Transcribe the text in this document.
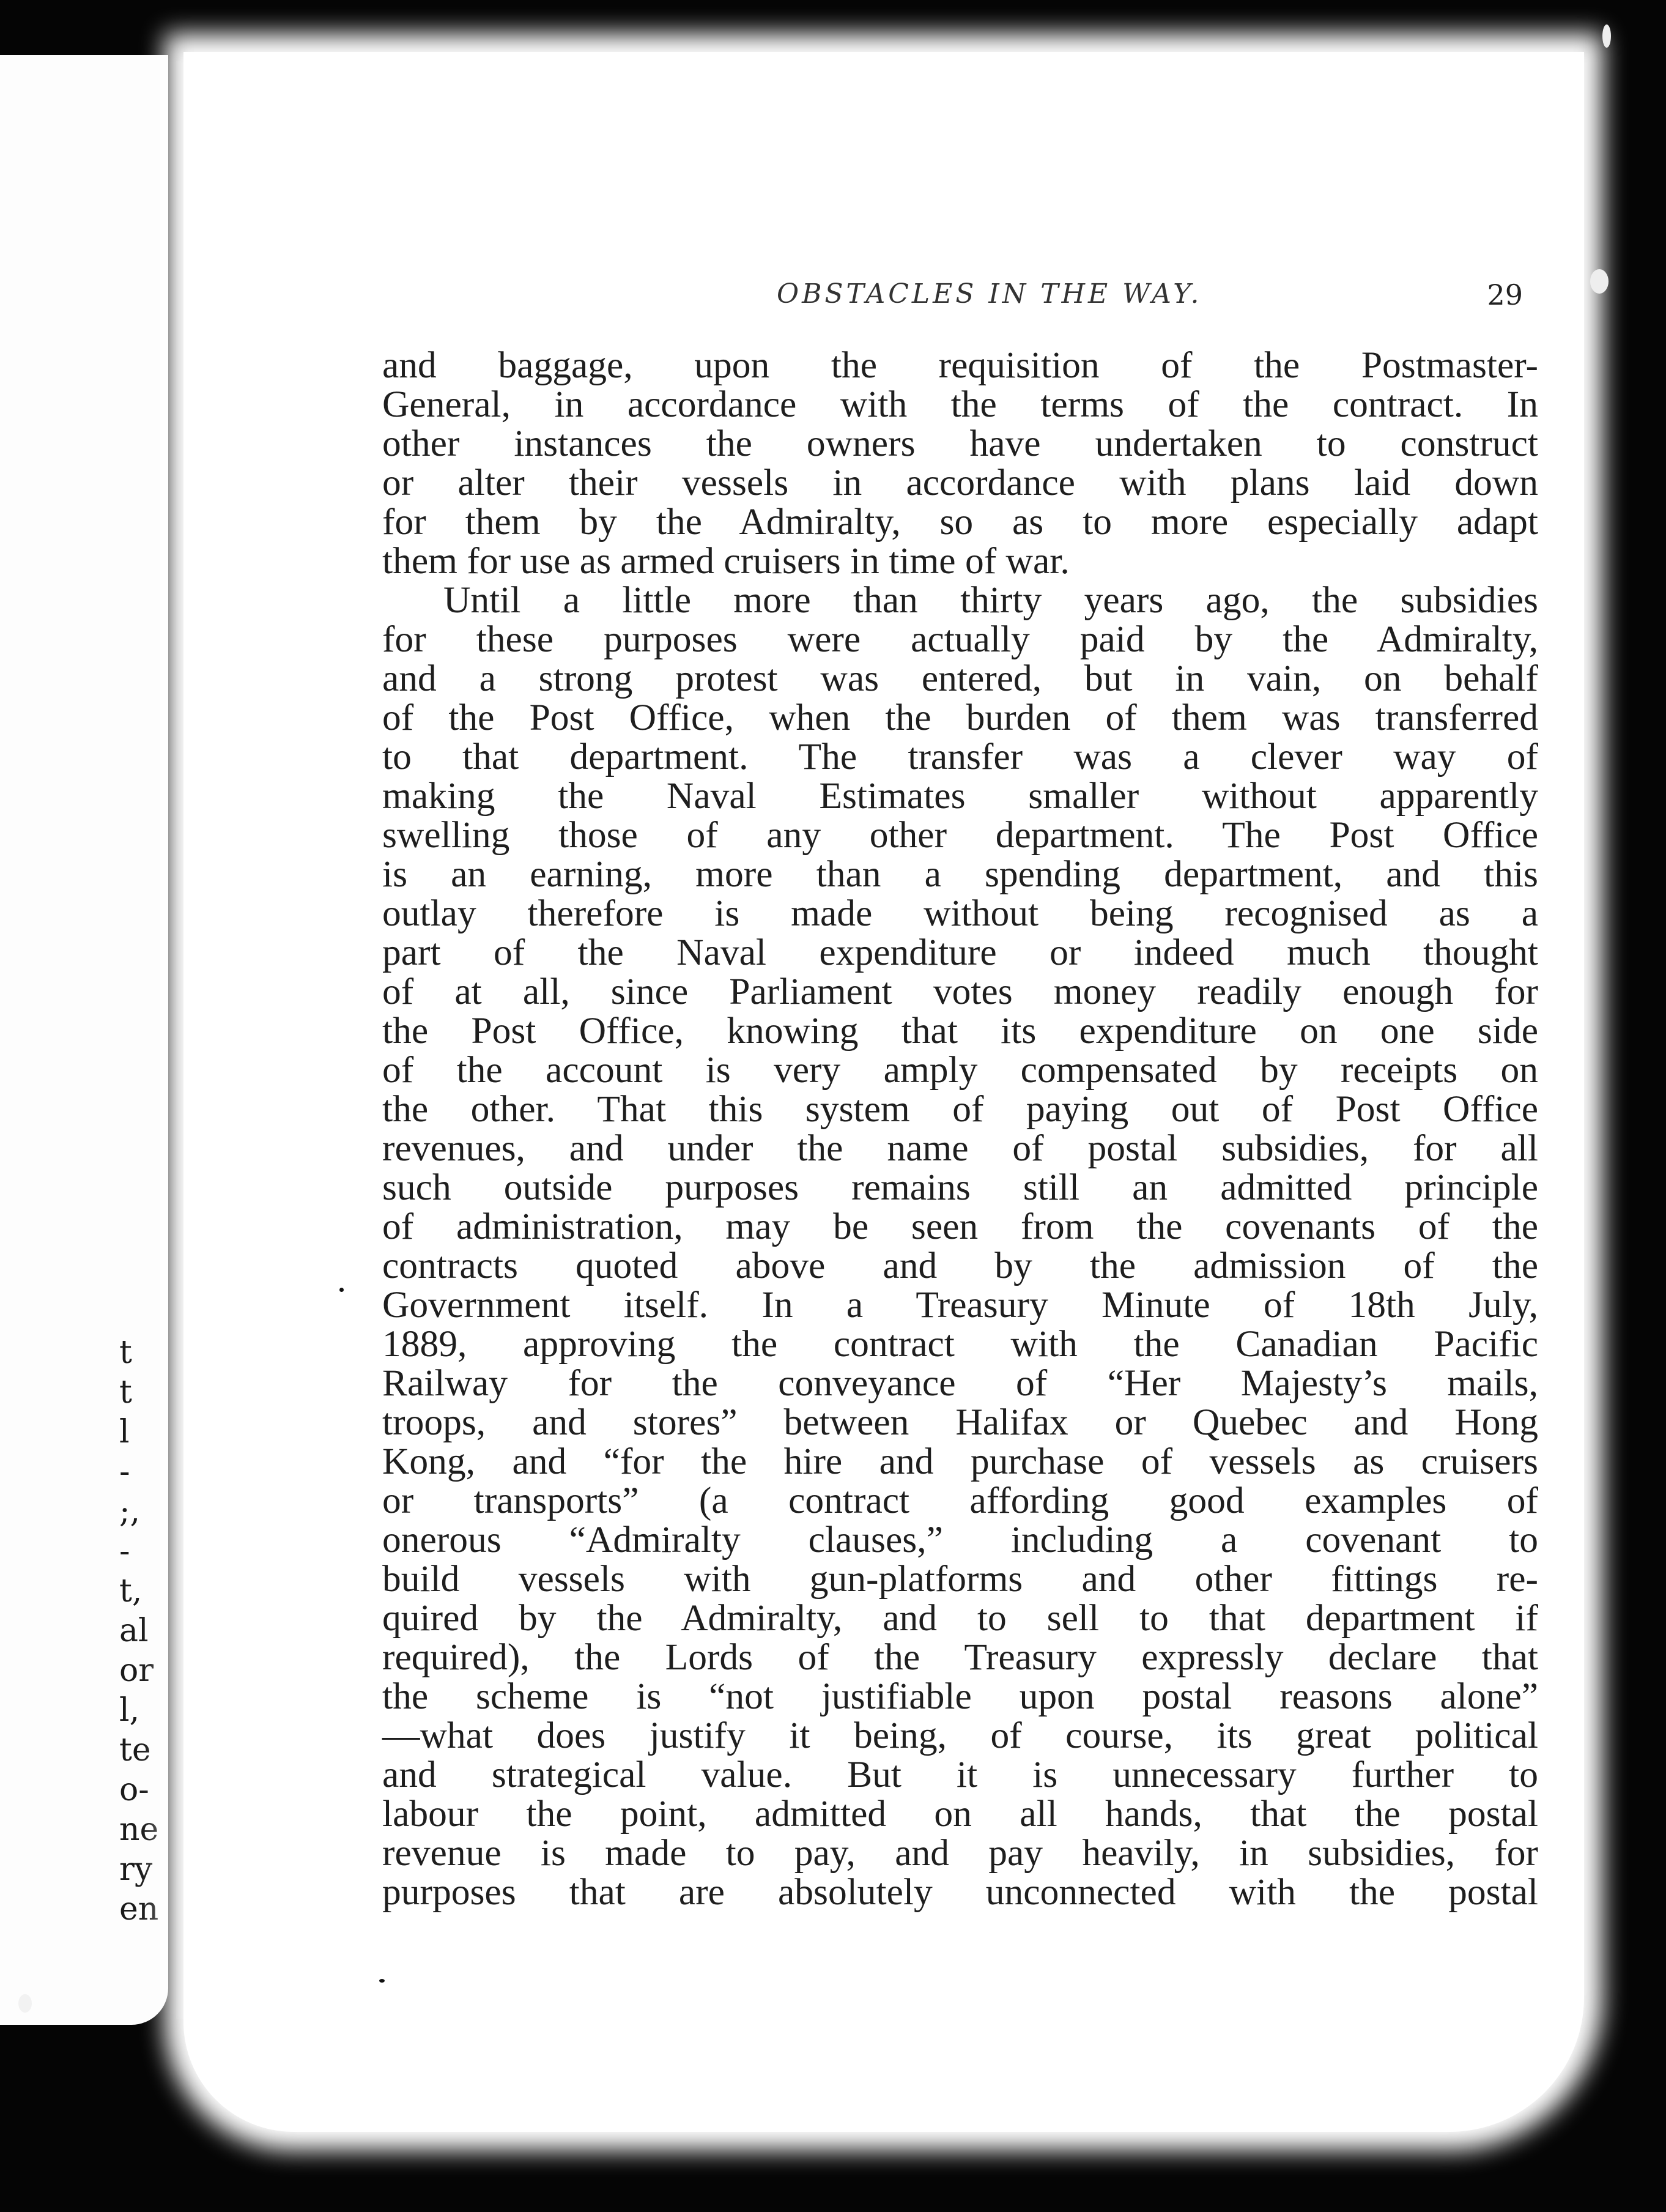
t
t
l
-
;,
-
t,
al
or
l,
te
o-
ne
ry
en
OBSTACLES IN THE WAY.	29
and baggage, upon the requisition of the Postmaster-
General, in accordance with the terms of the contract. In
other instances the owners have undertaken to construct
or alter their vessels in accordance with plans laid down
for them by the Admiralty, so as to more especially adapt
them for use as armed cruisers in time of war.
Until a little more than thirty years ago, the subsidies
for these purposes were actually paid by the Admiralty,
and a strong protest was entered, but in vain, on behalf
of the Post Office, when the burden of them was transferred
to that department. The transfer was a clever way of
making the Naval Estimates smaller without apparently
swelling those of any other department. The Post Office
is an earning, more than a spending department, and this
outlay therefore is made without being recognised as a
part of the Naval expenditure or indeed much thought
of at all, since Parliament votes money readily enough for
the Post Office, knowing that its expenditure on one side
of the account is very amply compensated by receipts on
the other. That this system of paying out of Post Office
revenues, and under the name of postal subsidies, for all
such outside purposes remains still an admitted principle
of administration, may be seen from the covenants of the
contracts quoted above and by the admission of the
Government itself. In a Treasury Minute of 18th July,
1889, approving the contract with the Canadian Pacific
Railway for the conveyance of “Her Majesty’s mails,
troops, and stores” between Halifax or Quebec and Hong
Kong, and “for the hire and purchase of vessels as cruisers
or transports” (a contract affording good examples of
onerous “Admiralty clauses,” including a covenant to
build vessels with gun-platforms and other fittings re-
quired by the Admiralty, and to sell to that department if
required), the Lords of the Treasury expressly declare that
the scheme is “not justifiable upon postal reasons alone”
—what does justify it being, of course, its great political
and strategical value. But it is unnecessary further to
labour the point, admitted on all hands, that the postal
revenue is made to pay, and pay heavily, in subsidies, for
purposes that are absolutely unconnected with the postal
